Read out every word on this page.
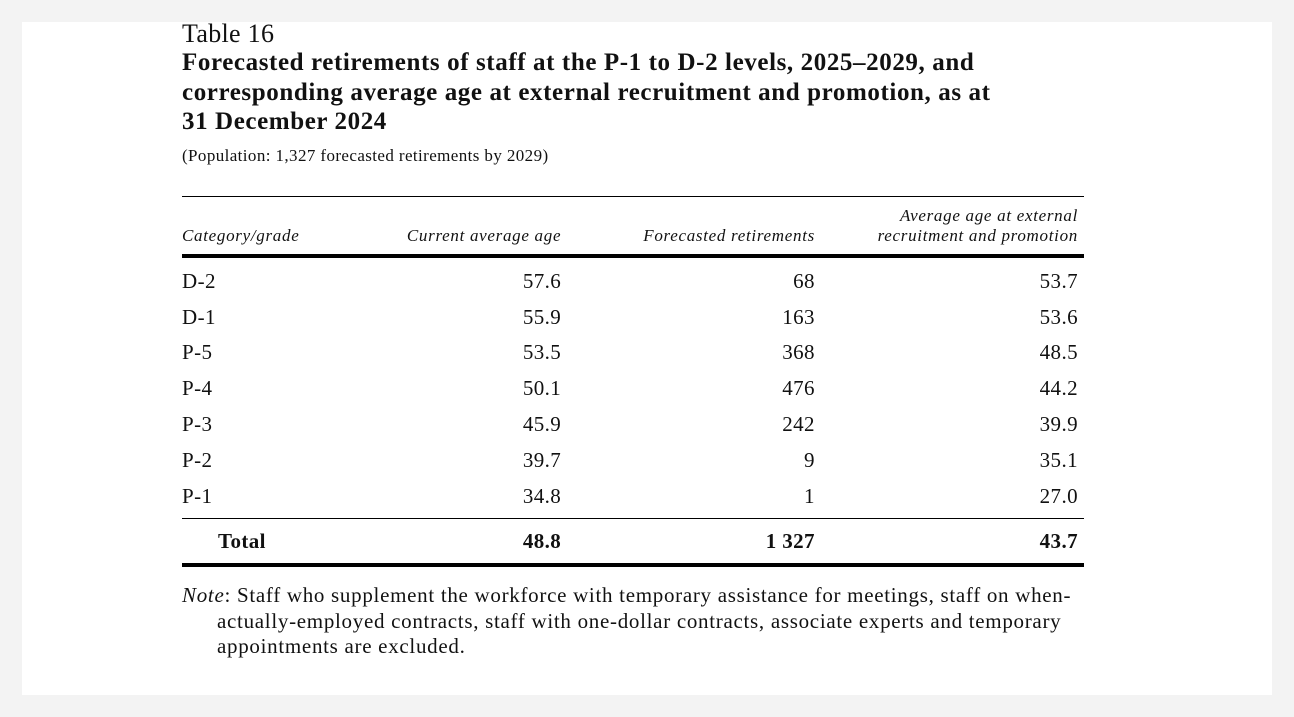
Table 16
Forecasted retirements of staff at the P-1 to D-2 levels, 2025–2029, and corresponding average age at external recruitment and promotion, as at 31 December 2024
(Population: 1,327 forecasted retirements by 2029)
Category/grade	Current average age	Forecasted retirements	Average age at external recruitment and promotion
D-2	57.6	68	53.7
D-1	55.9	163	53.6
P-5	53.5	368	48.5
P-4	50.1	476	44.2
P-3	45.9	242	39.9
P-2	39.7	9	35.1
P-1	34.8	1	27.0
Total	48.8	1 327	43.7
Note: Staff who supplement the workforce with temporary assistance for meetings, staff on when-actually-employed contracts, staff with one-dollar contracts, associate experts and temporary appointments are excluded.
